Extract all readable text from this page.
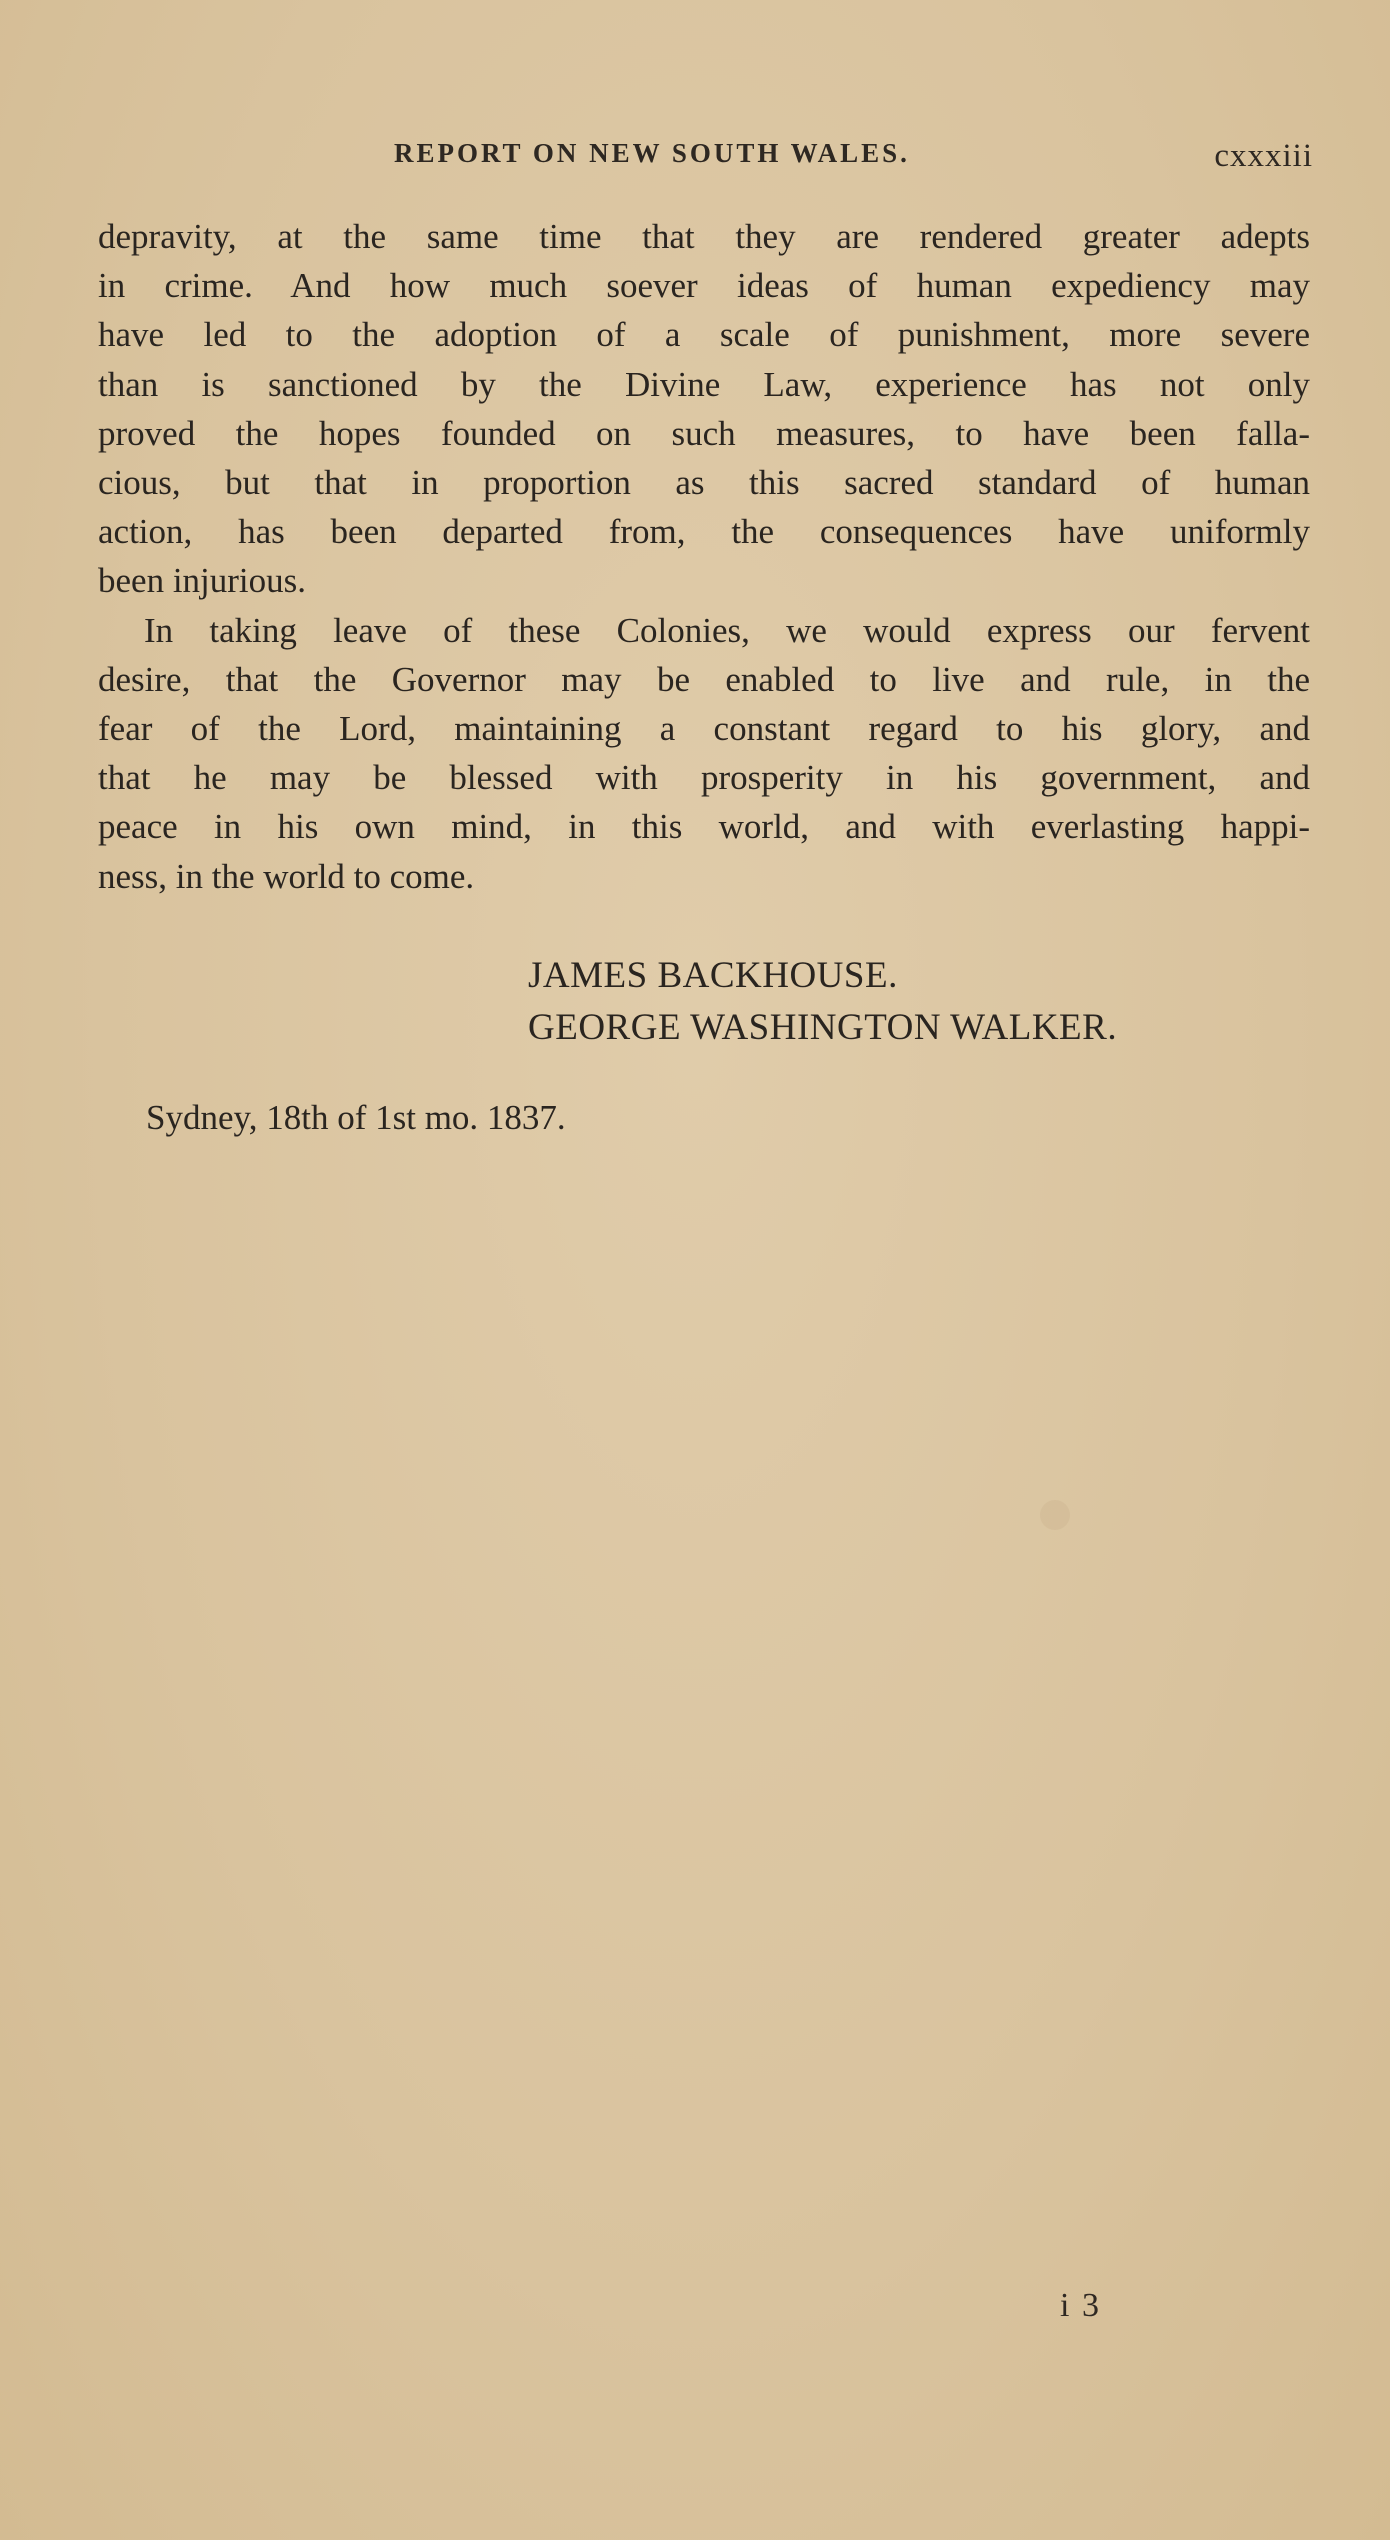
REPORT ON NEW SOUTH WALES.	cxxxiii

depravity, at the same time that they are rendered greater adepts
in crime. And how much soever ideas of human expediency may
have led to the adoption of a scale of punishment, more severe
than is sanctioned by the Divine Law, experience has not only
proved the hopes founded on such measures, to have been falla-
cious, but that in proportion as this sacred standard of human
action, has been departed from, the consequences have uniformly
been injurious.

In taking leave of these Colonies, we would express our fervent
desire, that the Governor may be enabled to live and rule, in the
fear of the Lord, maintaining a constant regard to his glory, and
that he may be blessed with prosperity in his government, and
peace in his own mind, in this world, and with everlasting happi-
ness, in the world to come.

JAMES BACKHOUSE.
GEORGE WASHINGTON WALKER.
Sydney, 18th of 1st mo. 1837.
i 3
